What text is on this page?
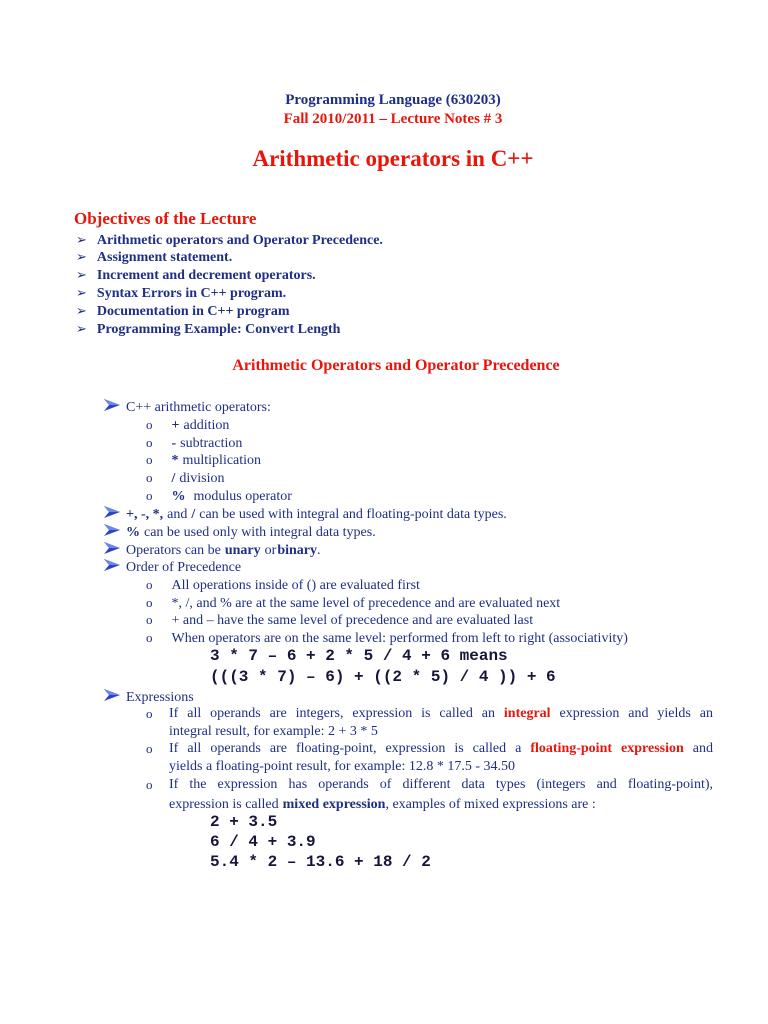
Programming Language (630203)
Fall 2010/2011 – Lecture Notes # 3
Arithmetic operators in C++
Objectives of the Lecture
➢ Arithmetic operators and Operator Precedence.
➢ Assignment statement.
➢ Increment and decrement operators.
➢ Syntax Errors in C++ program.
➢ Documentation in C++ program
➢ Programming Example: Convert Length
Arithmetic Operators and Operator Precedence
C++ arithmetic operators:
o + addition
o - subtraction
o * multiplication
o / division
o % modulus operator
+, -, *, and / can be used with integral and floating-point data types.
% can be used only with integral data types.
Operators can be unary or binary.
Order of Precedence
o All operations inside of () are evaluated first
o *, /, and % are at the same level of precedence and are evaluated next
o + and – have the same level of precedence and are evaluated last
o When operators are on the same level: performed from left to right (associativity)
3 * 7 – 6 + 2 * 5 / 4 + 6 means
(((3 * 7) – 6) + ((2 * 5) / 4 )) + 6
Expressions
o If all operands are integers, expression is called an integral expression and yields an
integral result, for example: 2 + 3 * 5
o If all operands are floating-point, expression is called a floating-point expression and
yields a floating-point result, for example: 12.8 * 17.5 - 34.50
o If the expression has operands of different data types (integers and floating-point),
expression is called mixed expression, examples of mixed expressions are :
2 + 3.5
6 / 4 + 3.9
5.4 * 2 – 13.6 + 18 / 2
